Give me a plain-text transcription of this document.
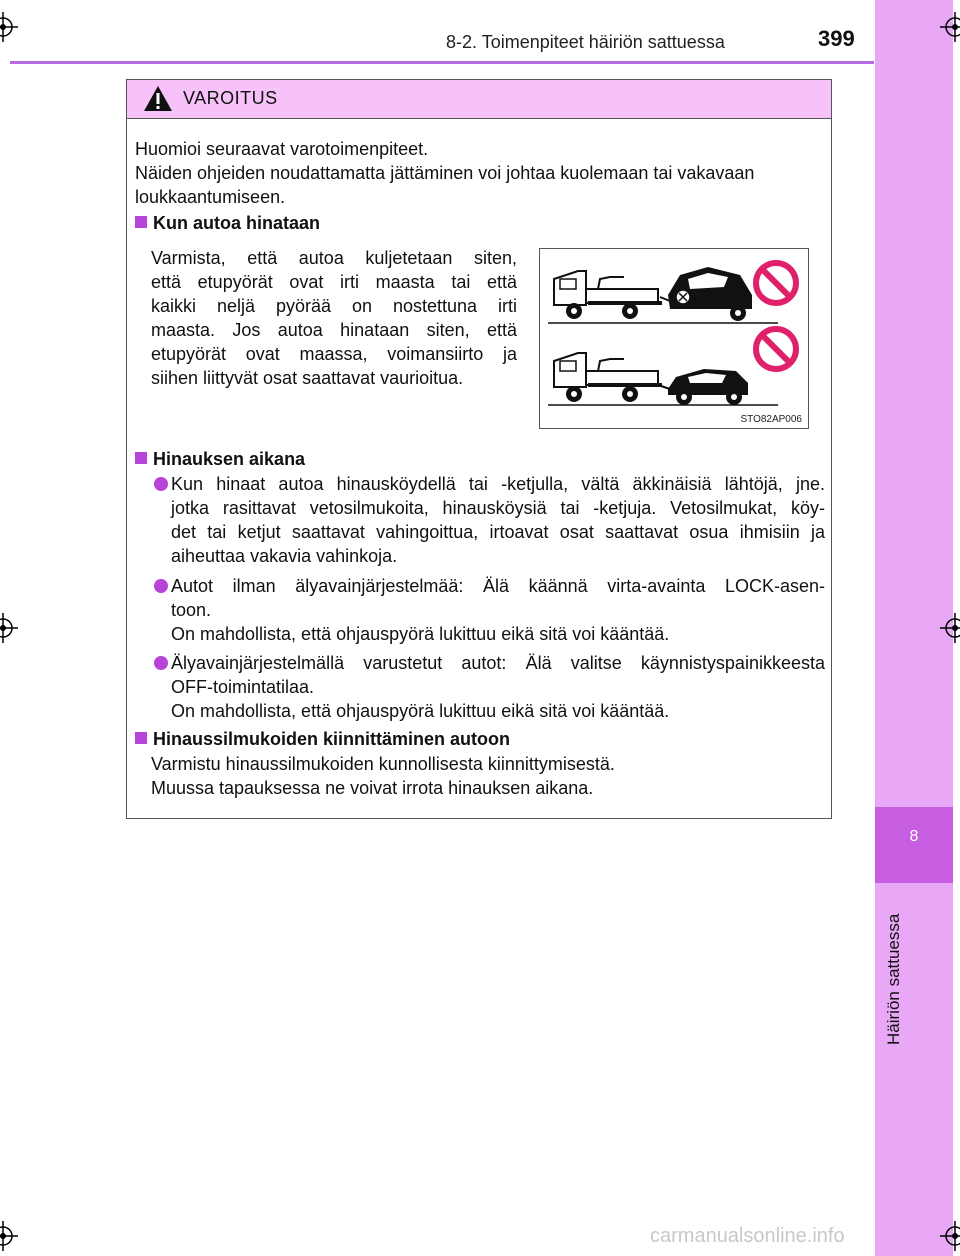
8-2. Toimenpiteet häiriön sattuessa	399
8
Häiriön sattuessa
VAROITUS
Huomioi seuraavat varotoimenpiteet.
Näiden ohjeiden noudattamatta jättäminen voi johtaa kuolemaan tai vakavaan
loukkaantumiseen.
Kun autoa hinataan
Varmista, että autoa kuljetetaan siten,
että etupyörät ovat irti maasta tai että
kaikki neljä pyörää on nostettuna irti
maasta. Jos autoa hinataan siten, että
etupyörät ovat maassa, voimansiirto ja
siihen liittyvät osat saattavat vaurioitua.
Hinauksen aikana
Kun hinaat autoa hinausköydellä tai -ketjulla, vältä äkkinäisiä lähtöjä, jne.
jotka rasittavat vetosilmukoita, hinausköysiä tai -ketjuja. Vetosilmukat, köy-
det tai ketjut saattavat vahingoittua, irtoavat osat saattavat osua ihmisiin ja
aiheuttaa vakavia vahinkoja.
Autot ilman älyavainjärjestelmää: Älä käännä virta-avainta LOCK-asen-
toon.
On mahdollista, että ohjauspyörä lukittuu eikä sitä voi kääntää.
Älyavainjärjestelmällä varustetut autot: Älä valitse käynnistyspainikkeesta
OFF-toimintatilaa.
On mahdollista, että ohjauspyörä lukittuu eikä sitä voi kääntää.
Hinaussilmukoiden kiinnittäminen autoon
Varmistu hinaussilmukoiden kunnollisesta kiinnittymisestä.
Muussa tapauksessa ne voivat irrota hinauksen aikana.
STO82AP006
carmanualsonline.info
